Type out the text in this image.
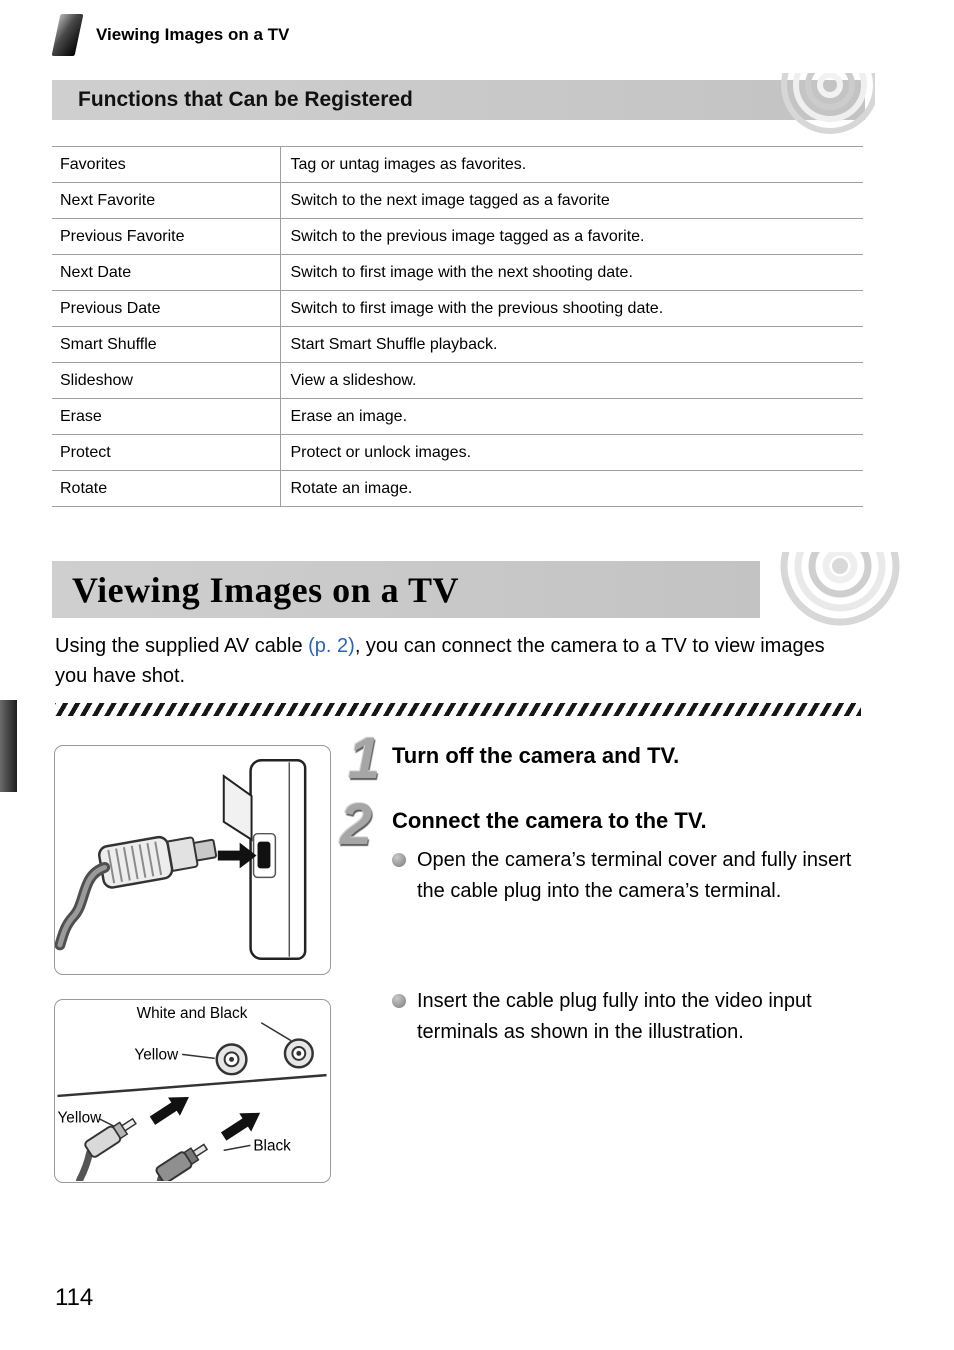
Viewing Images on a TV
Functions that Can be Registered
Favorites	Tag or untag images as favorites.
Next Favorite	Switch to the next image tagged as a favorite
Previous Favorite	Switch to the previous image tagged as a favorite.
Next Date	Switch to first image with the next shooting date.
Previous Date	Switch to first image with the previous shooting date.
Smart Shuffle	Start Smart Shuffle playback.
Slideshow	View a slideshow.
Erase	Erase an image.
Protect	Protect or unlock images.
Rotate	Rotate an image.
Viewing Images on a TV

Using the supplied AV cable (p. 2), you can connect the camera to a TV to view images you have shot.

1 Turn off the camera and TV.
2 Connect the camera to the TV.
Open the camera’s terminal cover and fully insert the cable plug into the camera’s terminal.
Insert the cable plug fully into the video input terminals as shown in the illustration.
White and Black
Yellow
Yellow
Black
114
